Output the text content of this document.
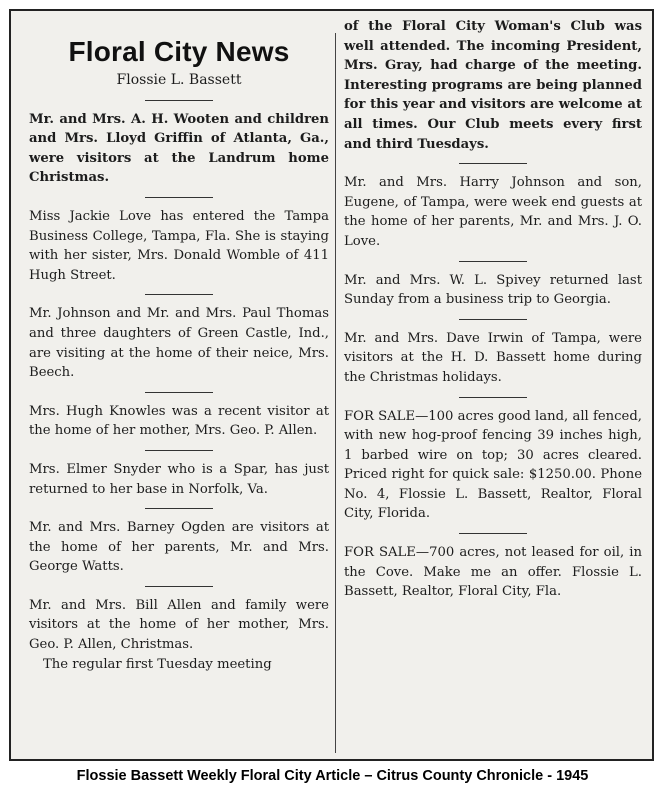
Floral City News
Flossie L. Bassett

Mr. and Mrs. A. H. Wooten and children and Mrs. Lloyd Griffin of Atlanta, Ga., were visitors at the Landrum home Christmas.

Miss Jackie Love has entered the Tampa Business College, Tampa, Fla. She is staying with her sister, Mrs. Donald Womble of 411 Hugh Street.

Mr. Johnson and Mr. and Mrs. Paul Thomas and three daughters of Green Castle, Ind., are visiting at the home of their neice, Mrs. Beech.

Mrs. Hugh Knowles was a recent visitor at the home of her mother, Mrs. Geo. P. Allen.

Mrs. Elmer Snyder who is a Spar, has just returned to her base in Norfolk, Va.

Mr. and Mrs. Barney Ogden are visitors at the home of her parents, Mr. and Mrs. George Watts.

Mr. and Mrs. Bill Allen and family were visitors at the home of her mother, Mrs. Geo. P. Allen, Christmas.

The regular first Tuesday meeting

of the Floral City Woman's Club was well attended. The incoming President, Mrs. Gray, had charge of the meeting. Interesting programs are being planned for this year and visitors are welcome at all times. Our Club meets every first and third Tuesdays.

Mr. and Mrs. Harry Johnson and son, Eugene, of Tampa, were week end guests at the home of her parents, Mr. and Mrs. J. O. Love.

Mr. and Mrs. W. L. Spivey returned last Sunday from a business trip to Georgia.

Mr. and Mrs. Dave Irwin of Tampa, were visitors at the H. D. Bassett home during the Christmas holidays.

FOR SALE—100 acres good land, all fenced, with new hog-proof fencing 39 inches high, 1 barbed wire on top; 30 acres cleared. Priced right for quick sale: $1250.00. Phone No. 4, Flossie L. Bassett, Realtor, Floral City, Florida.

FOR SALE—700 acres, not leased for oil, in the Cove. Make me an offer. Flossie L. Bassett, Realtor, Floral City, Fla.

Flossie Bassett Weekly Floral City Article – Citrus County Chronicle - 1945
